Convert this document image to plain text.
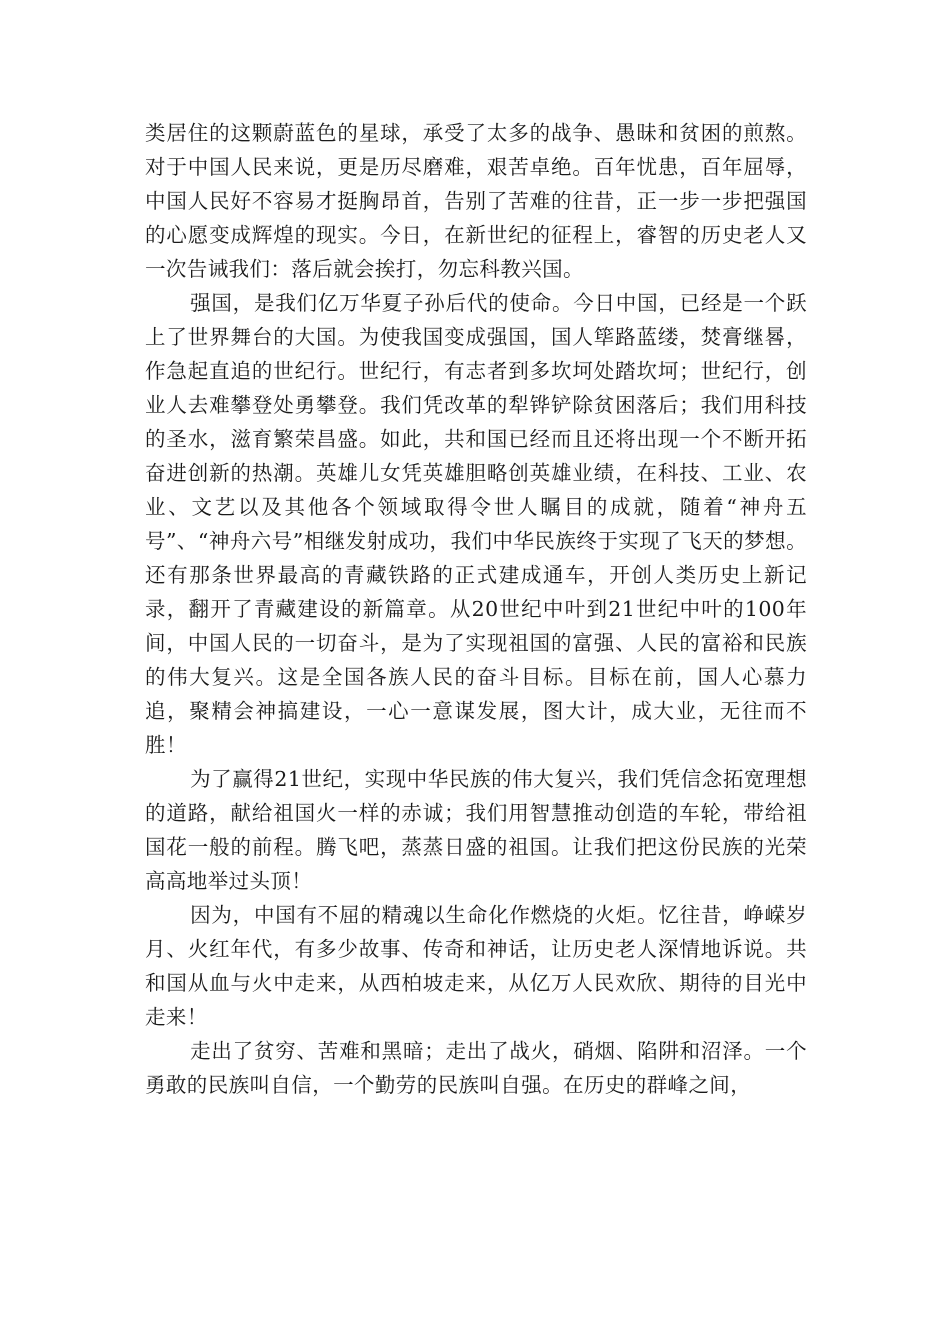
类居住的这颗蔚蓝色的星球，承受了太多的战争、愚昧和贫困的煎熬。对于中国人民来说，更是历尽磨难，艰苦卓绝。百年忧患，百年屈辱，中国人民好不容易才挺胸昂首，告别了苦难的往昔，正一步一步把强国的心愿变成辉煌的现实。今日，在新世纪的征程上，睿智的历史老人又一次告诫我们：落后就会挨打，勿忘科教兴国。

强国，是我们亿万华夏子孙后代的使命。今日中国，已经是一个跃上了世界舞台的大国。为使我国变成强国，国人筚路蓝缕，焚膏继晷，作急起直追的世纪行。世纪行，有志者到多坎坷处踏坎坷；世纪行，创业人去难攀登处勇攀登。我们凭改革的犁铧铲除贫困落后；我们用科技的圣水，滋育繁荣昌盛。如此，共和国已经而且还将出现一个不断开拓奋进创新的热潮。英雄儿女凭英雄胆略创英雄业绩，在科技、工业、农业、文艺以及其他各个领域取得令世人瞩目的成就，随着“神舟五号”、“神舟六号”相继发射成功，我们中华民族终于实现了飞天的梦想。 还有那条世界最高的青藏铁路的正式建成通车，开创人类历史上新记录，翻开了青藏建设的新篇章。从20世纪中叶到21世纪中叶的100年间，中国人民的一切奋斗，是为了实现祖国的富强、人民的富裕和民族的伟大复兴。这是全国各族人民的奋斗目标。目标在前，国人心慕力追，聚精会神搞建设，一心一意谋发展，图大计，成大业，无往而不胜！

为了赢得21世纪，实现中华民族的伟大复兴，我们凭信念拓宽理想的道路，献给祖国火一样的赤诚；我们用智慧推动创造的车轮，带给祖国花一般的前程。腾飞吧，蒸蒸日盛的祖国。让我们把这份民族的光荣高高地举过头顶！

因为，中国有不屈的精魂以生命化作燃烧的火炬。忆往昔，峥嵘岁月、火红年代，有多少故事、传奇和神话，让历史老人深情地诉说。共和国从血与火中走来，从西柏坡走来，从亿万人民欢欣、期待的目光中走来！

走出了贫穷、苦难和黑暗；走出了战火，硝烟、陷阱和沼泽。一个勇敢的民族叫自信，一个勤劳的民族叫自强。在历史的群峰之间，
